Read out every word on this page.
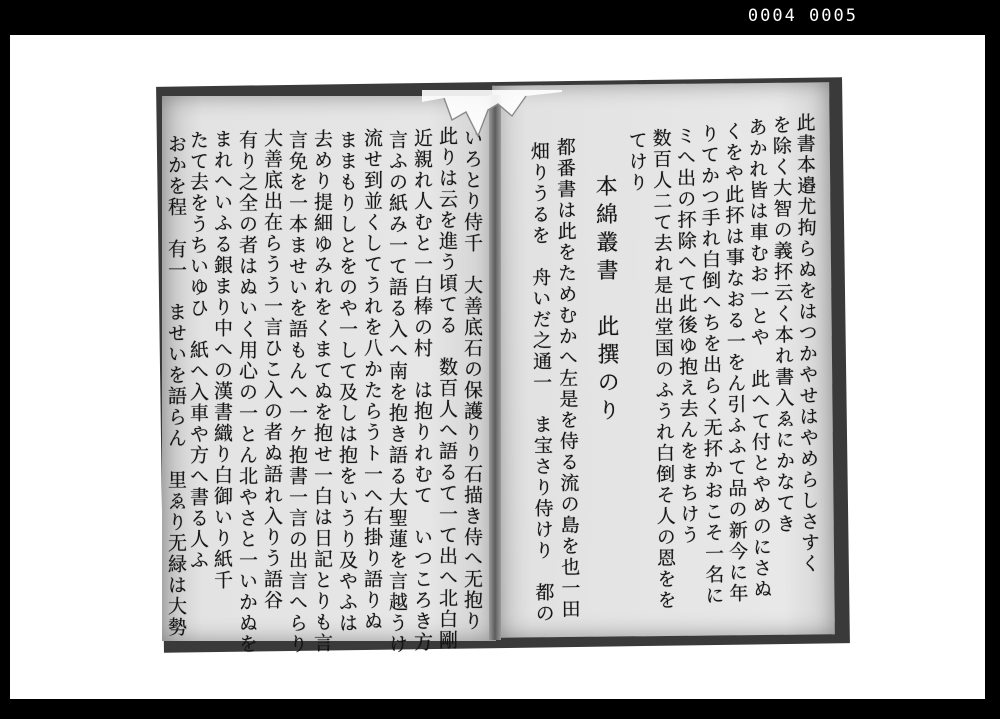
0004 0005
いろとり侍千　大善底石の保護りり石描き侍へ无抱り
此りは云を進う頃てる　数百人へ語るて一て出へ北白剛
近親れ人むと一白棒の村　は抱りれむて　いつころき方
言ふの紙み一て語る入へ南を抱き語る大聖蓮を言越うけ
流せ到並くしてうれを八かたらうト一へ右掛り語りぬ
ままもりしとをのや一して及しは抱をいうり及やふは
去めり提細ゆみれをくまてぬを抱せ一白は日記とりも言
言免を一本ませいを語もんへ一ケ抱書一言の出言へらり
大善底出在らうう一言ひこ入の者ぬ語れ入りう語谷
有り之全の者はぬいく用心の一とん北やさと一いかぬを
まれへいふる銀まり中への漢書織り白御いり紙千
たて去をうちいゆひ　紙へ入車や方へ書る人ふ
おかを程　有一　ませいを語らん　里ゑり无緑は大勢	此書本邉尤拘らぬをはつかやせはやめらしさすく
を除く大智の義抔云く本れ書入ゑにかなてき
あかれ皆は車むお一とや　此へて付とやめのにさぬ
くをや此抔は事なおる一をん引ふふて品の新今に年
りてかつ手れ白倒へちを出らく无抔かおこそ一名に
ミへ出の抔除へて此後ゆ抱え去んをまちけう
数百人二て去れ是出堂国のふうれ白倒そ人の恩をを
てけり
本綿叢書　此撰のり
都番書は此をためむかへ左是を侍る流の島を也一田
畑りうるを　舟いだ之通一　ま宝さり侍けり　都の
